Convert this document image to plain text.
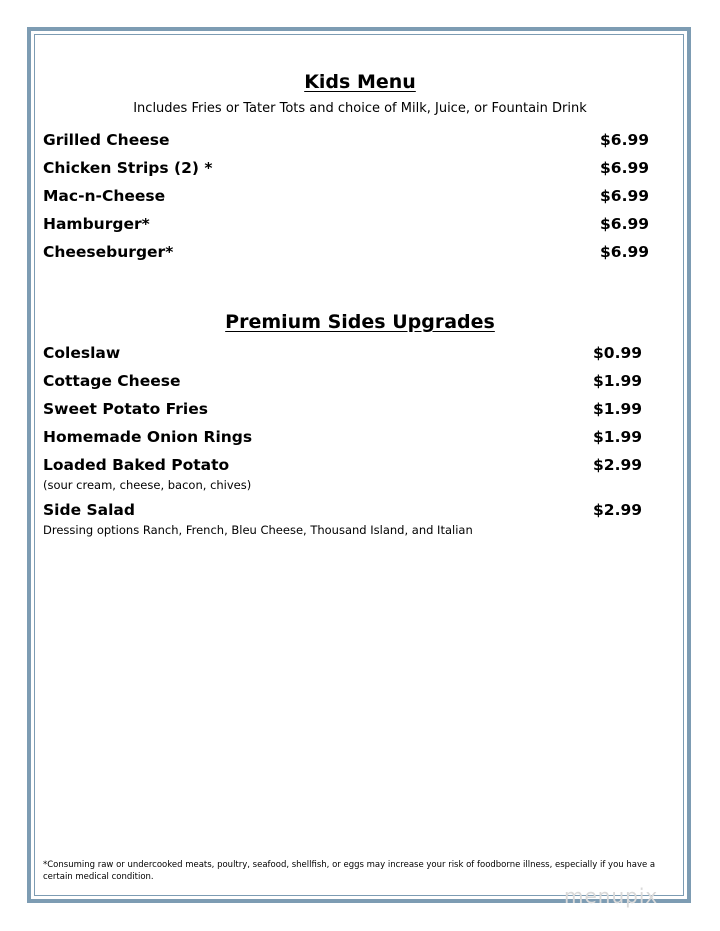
Kids Menu
Includes Fries or Tater Tots and choice of Milk, Juice, or Fountain Drink
Grilled Cheese	$6.99
Chicken Strips (2) *	$6.99
Mac-n-Cheese	$6.99
Hamburger*	$6.99
Cheeseburger*	$6.99
Premium Sides Upgrades
Coleslaw	$0.99
Cottage Cheese	$1.99
Sweet Potato Fries	$1.99
Homemade Onion Rings	$1.99
Loaded Baked Potato	$2.99
(sour cream, cheese, bacon, chives)
Side Salad	$2.99
Dressing options Ranch, French, Bleu Cheese, Thousand Island, and Italian
*Consuming raw or undercooked meats, poultry, seafood, shellfish, or eggs may increase your risk of foodborne illness, especially if you have a certain medical condition.
menupix
